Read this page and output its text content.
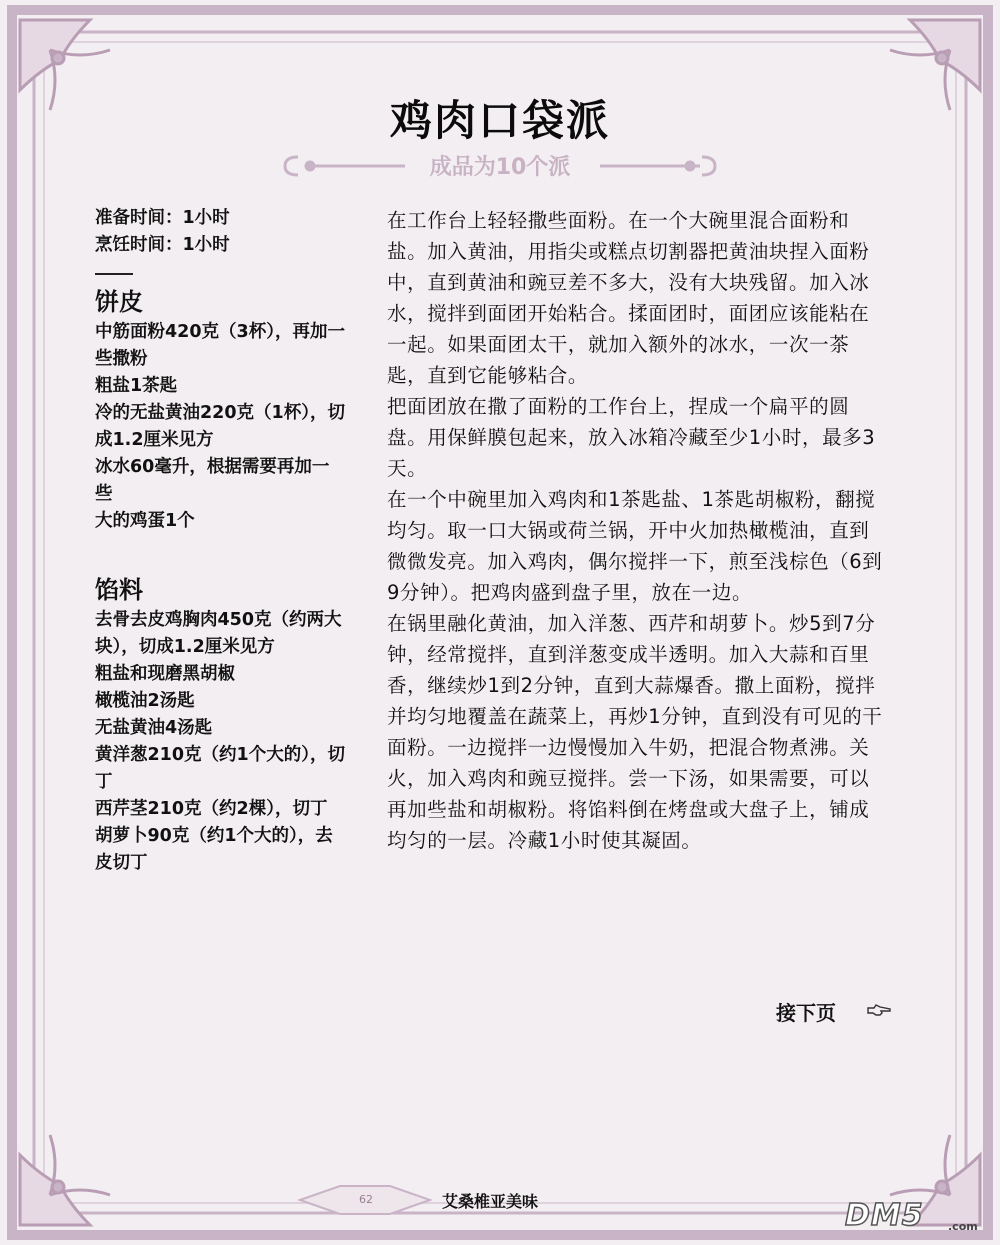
鸡肉口袋派
成品为10个派
准备时间：1小时
烹饪时间：1小时
饼皮
中筋面粉420克（3杯），再加一些撒粉
粗盐1茶匙
冷的无盐黄油220克（1杯），切成1.2厘米见方
冰水60毫升，根据需要再加一些
大的鸡蛋1个
馅料
去骨去皮鸡胸肉450克（约两大块），切成1.2厘米见方
粗盐和现磨黑胡椒
橄榄油2汤匙
无盐黄油4汤匙
黄洋葱210克（约1个大的），切丁
西芹茎210克（约2棵），切丁
胡萝卜90克（约1个大的），去皮切丁

在工作台上轻轻撒些面粉。在一个大碗里混合面粉和盐。加入黄油，用指尖或糕点切割器把黄油块捏入面粉中，直到黄油和豌豆差不多大，没有大块残留。加入冰水，搅拌到面团开始粘合。揉面团时，面团应该能粘在一起。如果面团太干，就加入额外的冰水，一次一茶匙，直到它能够粘合。

把面团放在撒了面粉的工作台上，捏成一个扁平的圆盘。用保鲜膜包起来，放入冰箱冷藏至少1小时，最多3天。

在一个中碗里加入鸡肉和1茶匙盐、1茶匙胡椒粉，翻搅均匀。取一口大锅或荷兰锅，开中火加热橄榄油，直到微微发亮。加入鸡肉，偶尔搅拌一下，煎至浅棕色（6到9分钟）。把鸡肉盛到盘子里，放在一边。

在锅里融化黄油，加入洋葱、西芹和胡萝卜。炒5到7分钟，经常搅拌，直到洋葱变成半透明。加入大蒜和百里香，继续炒1到2分钟，直到大蒜爆香。撒上面粉，搅拌并均匀地覆盖在蔬菜上，再炒1分钟，直到没有可见的干面粉。一边搅拌一边慢慢加入牛奶，把混合物煮沸。关火，加入鸡肉和豌豆搅拌。尝一下汤，如果需要，可以再加些盐和胡椒粉。将馅料倒在烤盘或大盘子上，铺成均匀的一层。冷藏1小时使其凝固。

接下页
62	艾桑椎亚美味	DM5 .com
